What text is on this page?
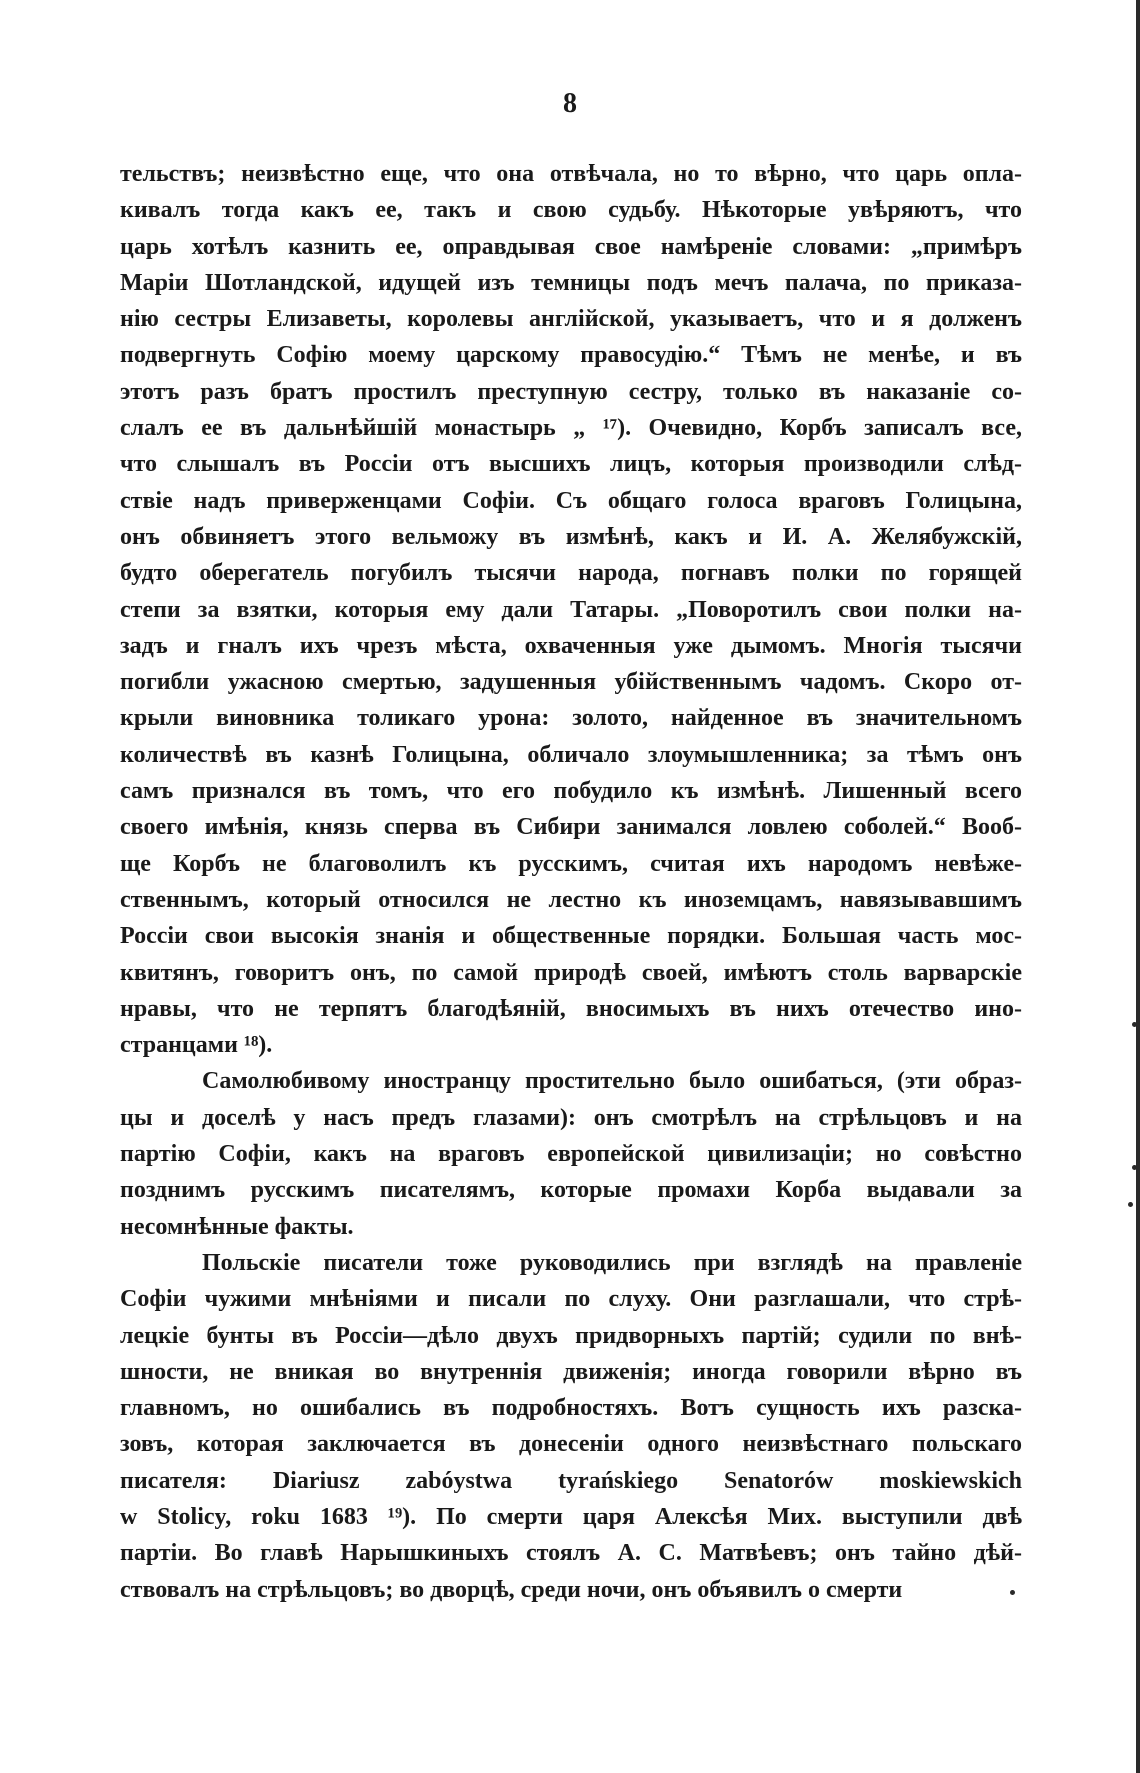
8
тельствъ; неизвѣстно еще, что она отвѣчала, но то вѣрно, что царь опла-
кивалъ тогда какъ ее, такъ и свою судьбу. Нѣкоторые увѣряютъ, что
царь хотѣлъ казнить ее, оправдывая свое намѣреніе словами: „примѣръ
Маріи Шотландской, идущей изъ темницы подъ мечъ палача, по приказа-
нію сестры Елизаветы, королевы англійской, указываетъ, что и я долженъ
подвергнуть Софію моему царскому правосудію.“ Тѣмъ не менѣе, и въ
этотъ разъ братъ простилъ преступную сестру, только въ наказаніе со-
слалъ ее въ дальнѣйшій монастырь „ ¹⁷). Очевидно, Корбъ записалъ все,
что слышалъ въ Россіи отъ высшихъ лицъ, которыя производили слѣд-
ствіе надъ приверженцами Софіи. Съ общаго голоса враговъ Голицына,
онъ обвиняетъ этого вельможу въ измѣнѣ, какъ и И. А. Желябужскій,
будто оберегатель погубилъ тысячи народа, погнавъ полки по горящей
степи за взятки, которыя ему дали Татары. „Поворотилъ свои полки на-
задъ и гналъ ихъ чрезъ мѣста, охваченныя уже дымомъ. Многія тысячи
погибли ужасною смертью, задушенныя убійственнымъ чадомъ. Скоро от-
крыли виновника толикаго урона: золото, найденное въ значительномъ
количествѣ въ казнѣ Голицына, обличало злоумышленника; за тѣмъ онъ
самъ признался въ томъ, что его побудило къ измѣнѣ. Лишенный всего
своего имѣнія, князь сперва въ Сибири занимался ловлею соболей.“ Вооб-
ще Корбъ не благоволилъ къ русскимъ, считая ихъ народомъ невѣже-
ственнымъ, который относился не лестно къ иноземцамъ, навязывавшимъ
Россіи свои высокія знанія и общественные порядки. Большая часть мос-
квитянъ, говоритъ онъ, по самой природѣ своей, имѣютъ столь варварскіе
нравы, что не терпятъ благодѣяній, вносимыхъ въ нихъ отечество ино-
странцами ¹⁸).
Самолюбивому иностранцу простительно было ошибаться, (эти образ-
цы и доселѣ у насъ предъ глазами): онъ смотрѣлъ на стрѣльцовъ и на
партію Софіи, какъ на враговъ европейской цивилизаціи; но совѣстно
позднимъ русскимъ писателямъ, которые промахи Корба выдавали за
несомнѣнные факты.
Польскіе писатели тоже руководились при взглядѣ на правленіе
Софіи чужими мнѣніями и писали по слуху. Они разглашали, что стрѣ-
лецкіе бунты въ Россіи—дѣло двухъ придворныхъ партій; судили по внѣ-
шности, не вникая во внутреннія движенія; иногда говорили вѣрно въ
главномъ, но ошибались въ подробностяхъ. Вотъ сущность ихъ разска-
зовъ, которая заключается въ донесеніи одного неизвѣстнаго польскаго
писателя: Diariusz zabóystwa tyrańskiego Senatorów moskiewskich
w Stolicy, roku 1683 ¹⁹). По смерти царя Алексѣя Мих. выступили двѣ
партіи. Во главѣ Нарышкиныхъ стоялъ А. С. Матвѣевъ; онъ тайно дѣй-
ствовалъ на стрѣльцовъ; во дворцѣ, среди ночи, онъ объявилъ о смерти
